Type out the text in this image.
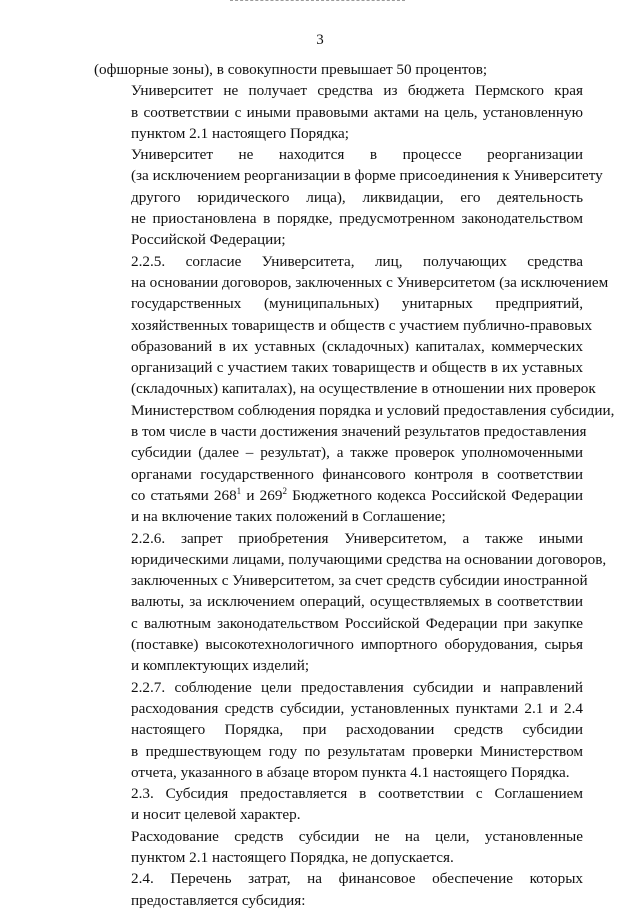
3
(офшорные зоны), в совокупности превышает 50 процентов;
Университет не получает средства из бюджета Пермского края
в соответствии с иными правовыми актами на цель, установленную
пунктом 2.1 настоящего Порядка;
Университет не находится в процессе реорганизации
(за исключением реорганизации в форме присоединения к Университету
другого юридического лица), ликвидации, его деятельность
не приостановлена в порядке, предусмотренном законодательством
Российской Федерации;
2.2.5. согласие Университета, лиц, получающих средства
на основании договоров, заключенных с Университетом (за исключением
государственных (муниципальных) унитарных предприятий,
хозяйственных товариществ и обществ с участием публично-правовых
образований в их уставных (складочных) капиталах, коммерческих
организаций с участием таких товариществ и обществ в их уставных
(складочных) капиталах), на осуществление в отношении них проверок
Министерством соблюдения порядка и условий предоставления субсидии,
в том числе в части достижения значений результатов предоставления
субсидии (далее – результат), а также проверок уполномоченными
органами государственного финансового контроля в соответствии
со статьями $268^1$ и $269^2$ Бюджетного кодекса Российской Федерации
и на включение таких положений в Соглашение;
2.2.6. запрет приобретения Университетом, а также иными
юридическими лицами, получающими средства на основании договоров,
заключенных с Университетом, за счет средств субсидии иностранной
валюты, за исключением операций, осуществляемых в соответствии
с валютным законодательством Российской Федерации при закупке
(поставке) высокотехнологичного импортного оборудования, сырья
и комплектующих изделий;
2.2.7. соблюдение цели предоставления субсидии и направлений
расходования средств субсидии, установленных пунктами 2.1 и 2.4
настоящего Порядка, при расходовании средств субсидии
в предшествующем году по результатам проверки Министерством
отчета, указанного в абзаце втором пункта 4.1 настоящего Порядка.
2.3. Субсидия предоставляется в соответствии с Соглашением
и носит целевой характер.
Расходование средств субсидии не на цели, установленные
пунктом 2.1 настоящего Порядка, не допускается.
2.4. Перечень затрат, на финансовое обеспечение которых
предоставляется субсидия:
